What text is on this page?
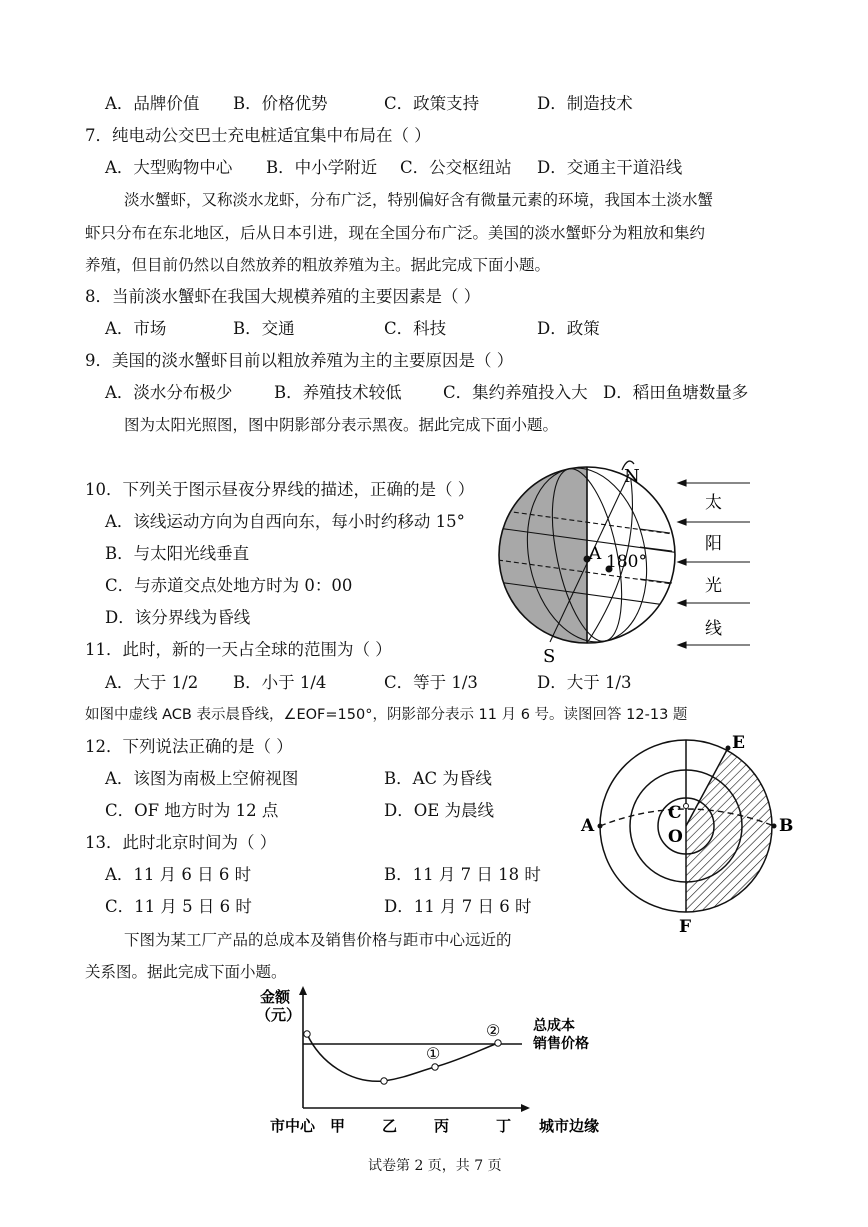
A．品牌价值 B．价格优势	C．政策支持	D．制造技术
7．纯电动公交巴士充电桩适宜集中布局在（ ）
A．大型购物中心 B．中小学附近 C．公交枢纽站 D．交通主干道沿线
淡水蟹虾，又称淡水龙虾，分布广泛，特别偏好含有微量元素的环境，我国本土淡水蟹
虾只分布在东北地区，后从日本引进，现在全国分布广泛。美国的淡水蟹虾分为粗放和集约
养殖，但目前仍然以自然放养的粗放养殖为主。据此完成下面小题。
8．当前淡水蟹虾在我国大规模养殖的主要因素是（ ）
A．市场	B．交通	C．科技	D．政策
9．美国的淡水蟹虾目前以粗放养殖为主的主要原因是（ ）
A．淡水分布极少	B．养殖技术较低	C．集约养殖投入大 D．稻田鱼塘数量多
图为太阳光照图，图中阴影部分表示黑夜。据此完成下面小题。
10．下列关于图示昼夜分界线的描述，正确的是（ ）
A．该线运动方向为自西向东，每小时约移动 15°
B．与太阳光线垂直
C．与赤道交点处地方时为 0：00
D．该分界线为昏线
11．此时，新的一天占全球的范围为（ ）
A．大于 1/2 B．小于 1/4	C．等于 1/3	D．大于 1/3
N
S
A 180°
太
阳
光
线
如图中虚线 ACB 表示晨昏线，∠EOF=150°，阴影部分表示 11 月 6 号。读图回答 12-13 题
12．下列说法正确的是（ ）
A．该图为南极上空俯视图	B．AC 为昏线
C．OF 地方时为 12 点	D．OE 为晨线
13．此时北京时间为（ ）
A．11 月 6 日 6 时	B．11 月 7 日 18 时
C．11 月 5 日 6 时	D．11 月 7 日 6 时
E
A
C
O
B
F
下图为某工厂产品的总成本及销售价格与距市中心远近的
关系图。据此完成下面小题。
①
②
金额
（元）
总成本
销售价格
市中心 甲 乙 丙	丁 城市边缘
试卷第 2 页，共 7 页
